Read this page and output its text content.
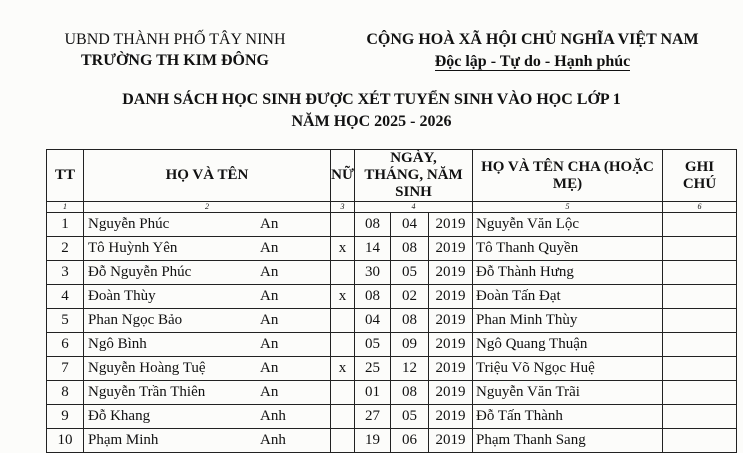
UBND THÀNH PHỐ TÂY NINH
TRƯỜNG TH KIM ĐÔNG
CỘNG HOÀ XÃ HỘI CHỦ NGHĨA VIỆT NAM
Độc lập - Tự do - Hạnh phúc
DANH SÁCH HỌC SINH ĐƯỢC XÉT TUYỂN SINH VÀO HỌC LỚP 1
NĂM HỌC 2025 - 2026
TT	HỌ VÀ TÊN	NỮ	NGÀY, THÁNG, NĂM SINH			HỌ VÀ TÊN CHA (HOẶC MẸ)	GHI CHÚ
1	2	3	4			5	6
1	Nguyễn Phúc An		08	04	2019	Nguyễn Văn Lộc	
2	Tô Huỳnh Yên An	x	14	08	2019	Tô Thanh Quyền	
3	Đỗ Nguyễn Phúc An		30	05	2019	Đỗ Thành Hưng	
4	Đoàn Thùy An	x	08	02	2019	Đoàn Tấn Đạt	
5	Phan Ngọc Bảo An		04	08	2019	Phan Minh Thùy	
6	Ngô Bình An		05	09	2019	Ngô Quang Thuận	
7	Nguyễn Hoàng Tuệ An	x	25	12	2019	Triệu Võ Ngọc Huệ	
8	Nguyễn Trần Thiên An		01	08	2019	Nguyễn Văn Trãi	
9	Đỗ Khang Anh		27	05	2019	Đỗ Tấn Thành	
10	Phạm Minh Anh		19	06	2019	Phạm Thanh Sang	
